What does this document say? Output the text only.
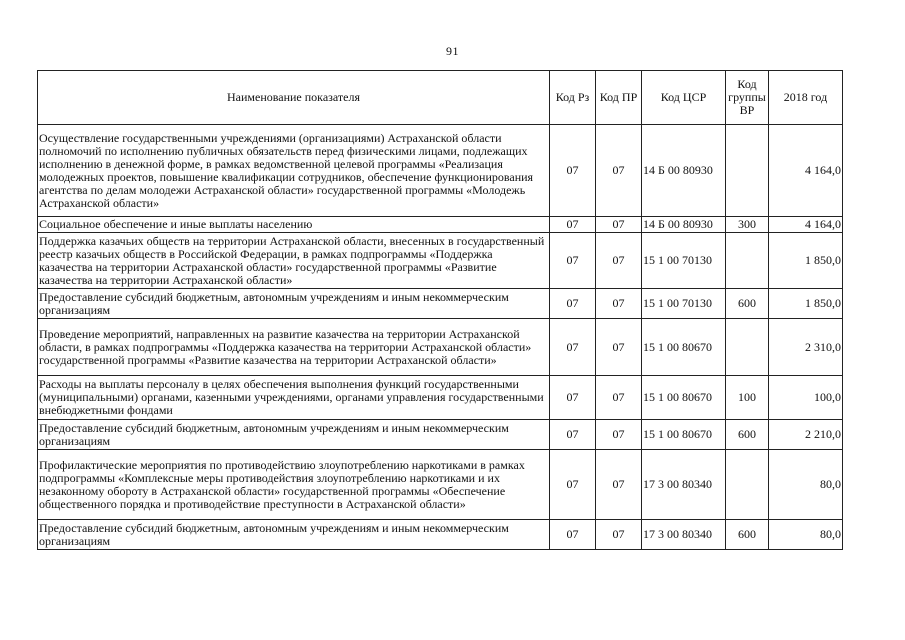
91
Наименование показателя	Код Рз	Код ПР	Код ЦСР	Код группы ВР	2018 год
Осуществление государственными учреждениями (организациями) Астраханской области полномочий по исполнению публичных обязательств перед физическими лицами, подлежащих исполнению в денежной форме, в рамках ведомственной целевой программы «Реализация молодежных проектов, повышение квалификации сотрудников, обеспечение функционирования агентства по делам молодежи Астраханской области» государственной программы «Молодежь Астраханской области»	07	07	14 Б 00 80930		4 164,0
Социальное обеспечение и иные выплаты населению	07	07	14 Б 00 80930	300	4 164,0
Поддержка казачьих обществ на территории Астраханской области, внесенных в государственный реестр казачьих обществ в Российской Федерации, в рамках подпрограммы «Поддержка казачества на территории Астраханской области» государственной программы «Развитие казачества на территории Астраханской области»	07	07	15 1 00 70130		1 850,0
Предоставление субсидий бюджетным, автономным учреждениям и иным некоммерческим организациям	07	07	15 1 00 70130	600	1 850,0
Проведение мероприятий, направленных на развитие казачества на территории Астраханской области, в рамках подпрограммы «Поддержка казачества на территории Астраханской области» государственной программы «Развитие казачества на территории Астраханской области»	07	07	15 1 00 80670		2 310,0
Расходы на выплаты персоналу в целях обеспечения выполнения функций государственными (муниципальными) органами, казенными учреждениями, органами управления государственными внебюджетными фондами	07	07	15 1 00 80670	100	100,0
Предоставление субсидий бюджетным, автономным учреждениям и иным некоммерческим организациям	07	07	15 1 00 80670	600	2 210,0
Профилактические мероприятия по противодействию злоупотреблению наркотиками в рамках подпрограммы «Комплексные меры противодействия злоупотреблению наркотиками и их незаконному обороту в Астраханской области» государственной программы «Обеспечение общественного порядка и противодействие преступности в Астраханской области»	07	07	17 3 00 80340		80,0
Предоставление субсидий бюджетным, автономным учреждениям и иным некоммерческим организациям	07	07	17 3 00 80340	600	80,0
